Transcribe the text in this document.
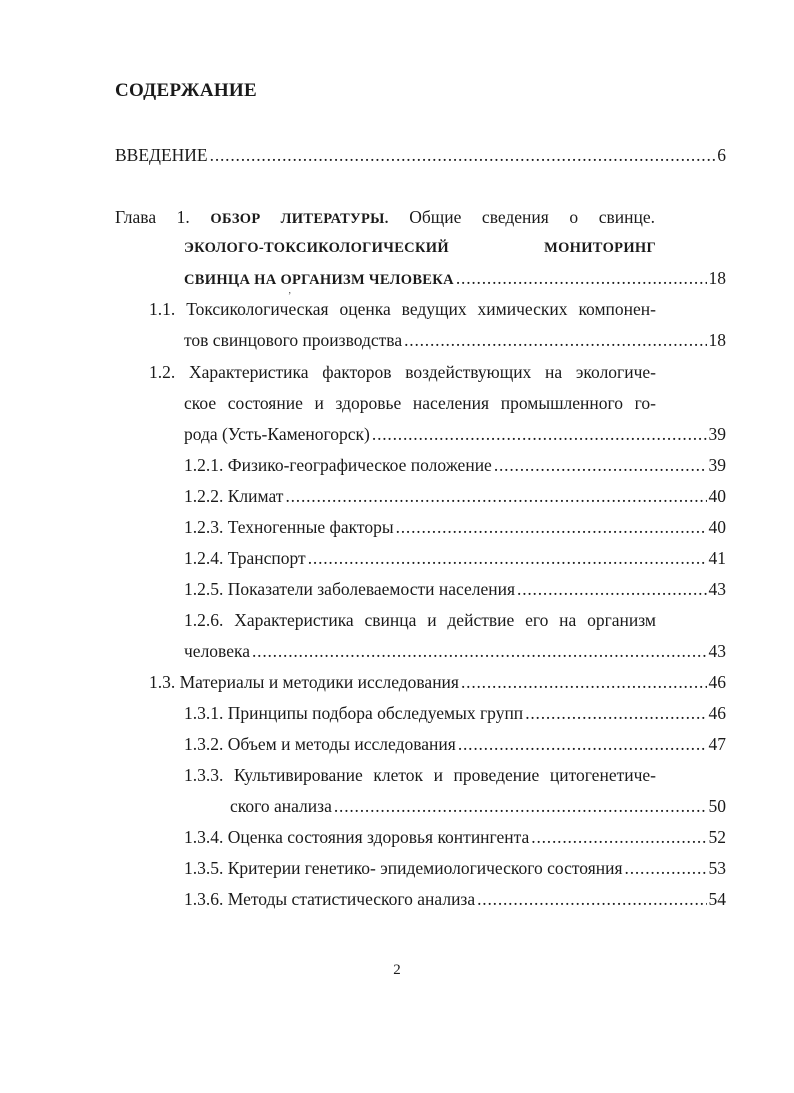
СОДЕРЖАНИЕ
ВВЕДЕНИЕ .....	6
Глава 1. ОБЗОР ЛИТЕРАТУРЫ. Общие сведения о свинце.
ЭКОЛОГО-ТОКСИКОЛОГИЧЕСКИЙ	МОНИТОРИНГ
СВИНЦА НА ОРГАНИЗМ ЧЕЛОВЕКА .....	18
ʼ
1.1. Токсикологическая оценка ведущих химических компонен-
тов свинцового производства .....	18
1.2. Характеристика факторов воздействующих на экологиче-
ское состояние и здоровье населения промышленного го-
рода (Усть-Каменогорск) .....	39
1.2.1. Физико-географическое положение .....	39
1.2.2. Климат .....	40
1.2.3. Техногенные факторы .....	40
1.2.4. Транспорт .....	41
1.2.5. Показатели заболеваемости населения .....	43
1.2.6. Характеристика свинца и действие его на организм
человека .....	43
1.3. Материалы и методики исследования .....	46
1.3.1. Принципы подбора обследуемых групп .....	46
1.3.2. Объем и методы исследования .....	47
1.3.3. Культивирование клеток и проведение цитогенетиче-
ского анализа .....	50
1.3.4. Оценка состояния здоровья контингента .....	52
1.3.5. Критерии генетико- эпидемиологического состояния .....	53
1.3.6. Методы статистического анализа .....	54
2
